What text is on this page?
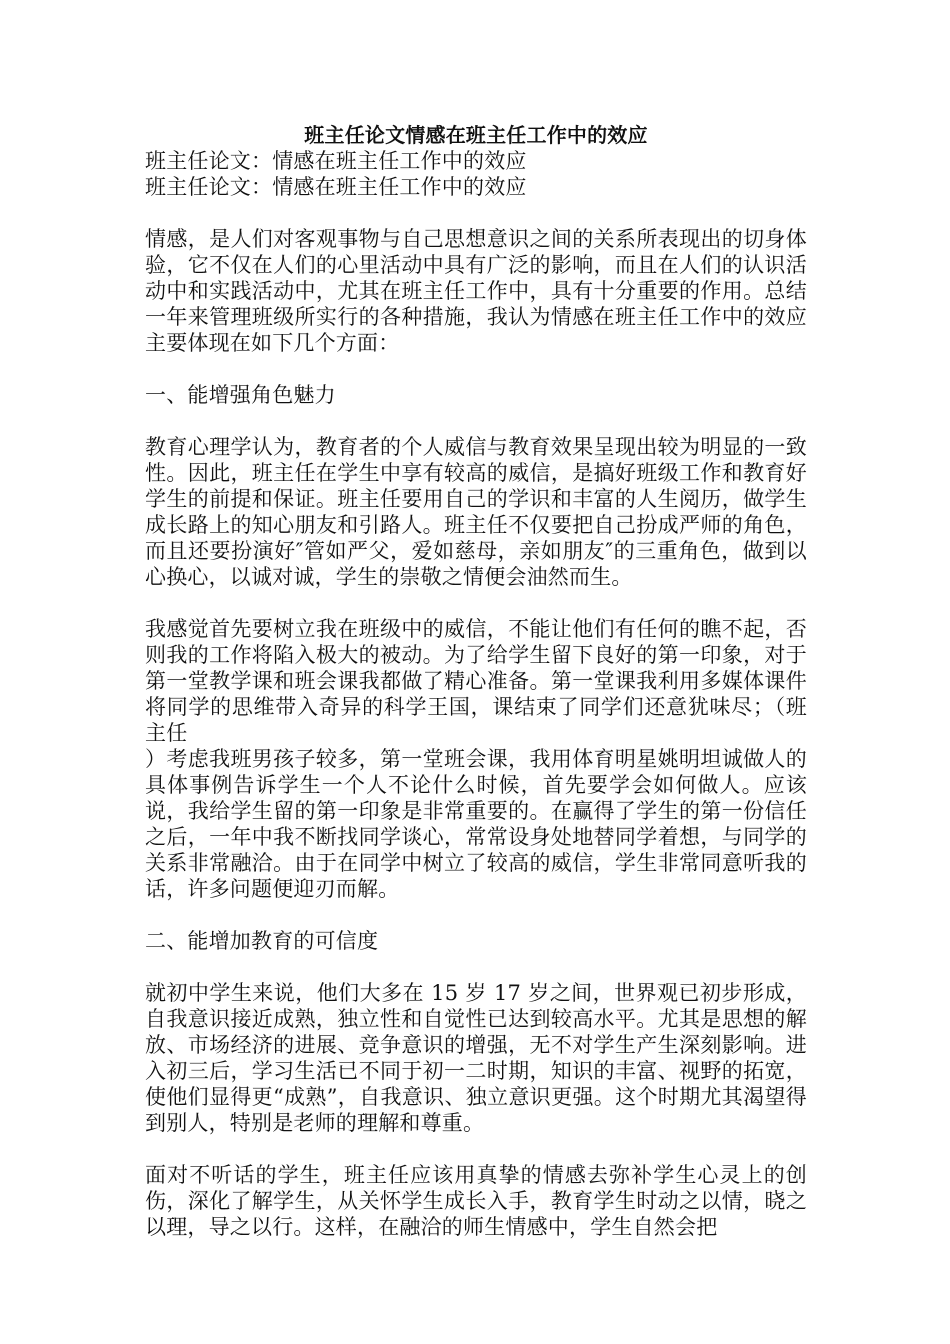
班主任论文情感在班主任工作中的效应
班主任论文：情感在班主任工作中的效应
班主任论文：情感在班主任工作中的效应

情感，是人们对客观事物与自己思想意识之间的关系所表现出的切身体验，它不仅在人们的心里活动中具有广泛的影响，而且在人们的认识活动中和实践活动中，尤其在班主任工作中，具有十分重要的作用。总结一年来管理班级所实行的各种措施，我认为情感在班主任工作中的效应主要体现在如下几个方面：

一、能增强角色魅力

教育心理学认为，教育者的个人威信与教育效果呈现出较为明显的一致性。因此，班主任在学生中享有较高的威信，是搞好班级工作和教育好学生的前提和保证。班主任要用自己的学识和丰富的人生阅历，做学生成长路上的知心朋友和引路人。班主任不仅要把自己扮成严师的角色，而且还要扮演好″管如严父，爱如慈母，亲如朋友″的三重角色，做到以心换心，以诚对诚，学生的崇敬之情便会油然而生。

我感觉首先要树立我在班级中的威信，不能让他们有任何的瞧不起，否则我的工作将陷入极大的被动。为了给学生留下良好的第一印象，对于第一堂教学课和班会课我都做了精心准备。第一堂课我利用多媒体课件将同学的思维带入奇异的科学王国，课结束了同学们还意犹味尽；（班主任

）考虑我班男孩子较多，第一堂班会课，我用体育明星姚明坦诚做人的具体事例告诉学生一个人不论什么时候，首先要学会如何做人。应该说，我给学生留的第一印象是非常重要的。在赢得了学生的第一份信任之后，一年中我不断找同学谈心，常常设身处地替同学着想，与同学的关系非常融洽。由于在同学中树立了较高的威信，学生非常同意听我的话，许多问题便迎刃而解。

二、能增加教育的可信度

就初中学生来说，他们大多在 15 岁 17 岁之间，世界观已初步形成，自我意识接近成熟，独立性和自觉性已达到较高水平。尤其是思想的解放、市场经济的进展、竞争意识的增强，无不对学生产生深刻影响。进入初三后，学习生活已不同于初一二时期，知识的丰富、视野的拓宽，使他们显得更“成熟”，自我意识、独立意识更强。这个时期尤其渴望得到别人，特别是老师的理解和尊重。

面对不听话的学生，班主任应该用真挚的情感去弥补学生心灵上的创伤，深化了解学生，从关怀学生成长入手，教育学生时动之以情，晓之以理，导之以行。这样，在融洽的师生情感中，学生自然会把
